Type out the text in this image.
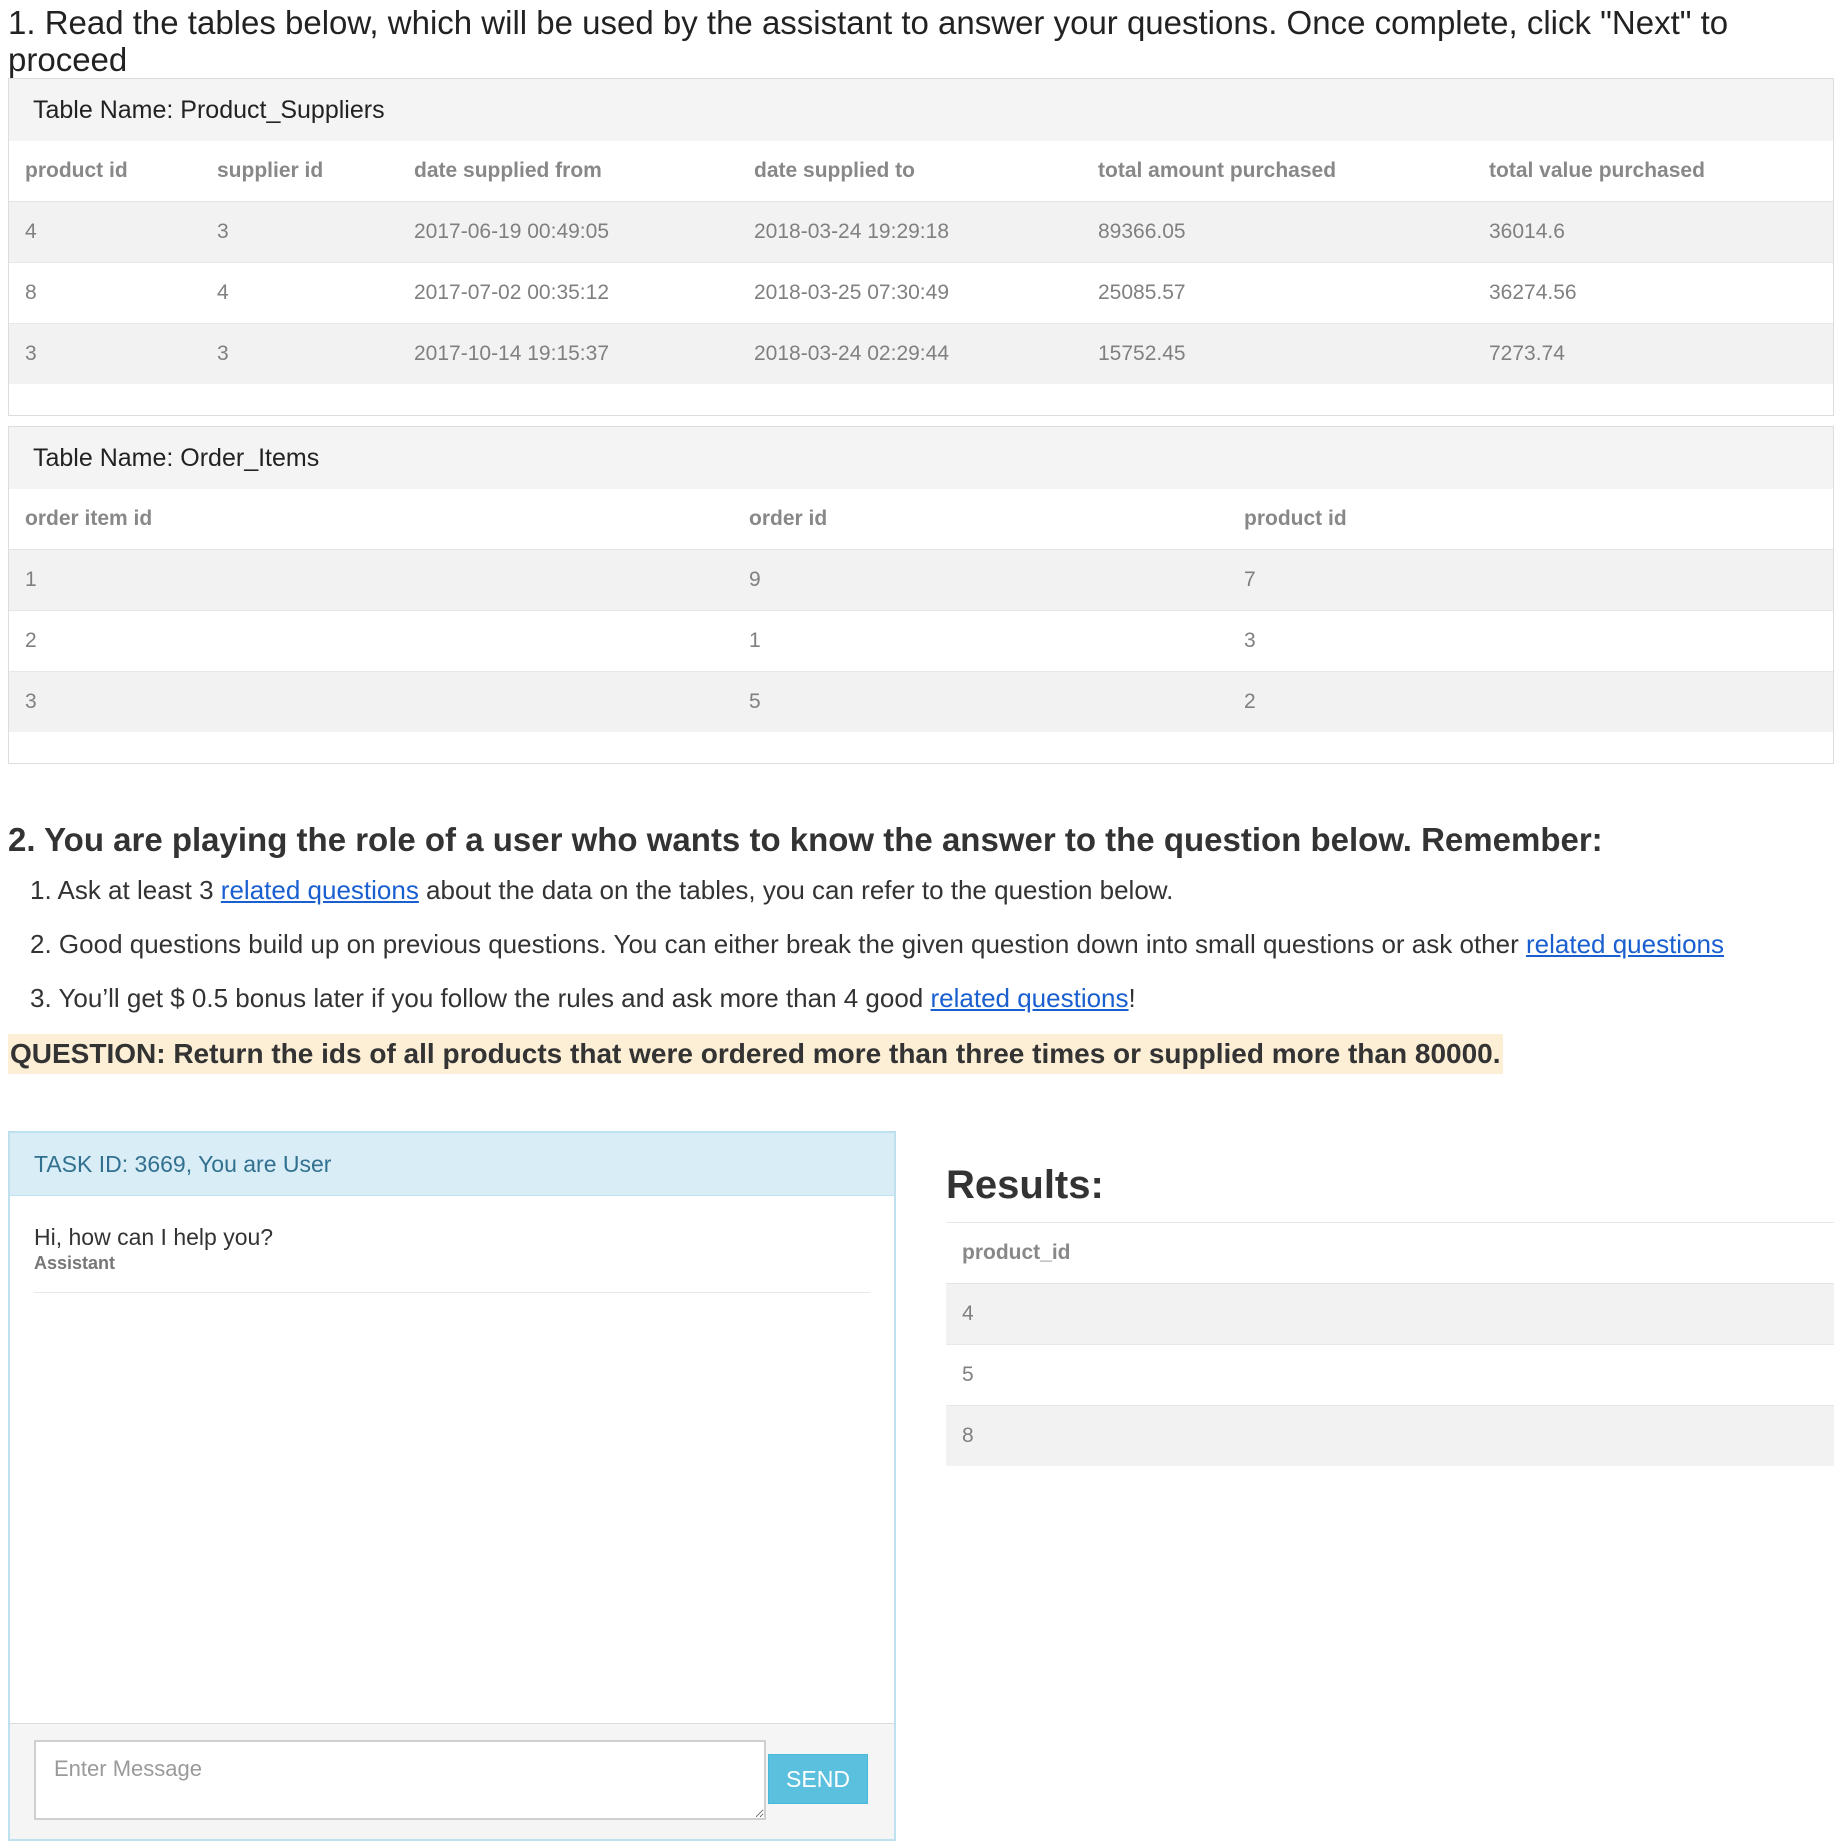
1. Read the tables below, which will be used by the assistant to answer your questions. Once complete, click "Next" to proceed
Table Name: Product_Suppliers
product id	supplier id	date supplied from	date supplied to	total amount purchased	total value purchased
4	3	2017-06-19 00:49:05	2018-03-24 19:29:18	89366.05	36014.6
8	4	2017-07-02 00:35:12	2018-03-25 07:30:49	25085.57	36274.56
3	3	2017-10-14 19:15:37	2018-03-24 02:29:44	15752.45	7273.74
Table Name: Order_Items
order item id	order id	product id
1	9	7
2	1	3
3	5	2
2. You are playing the role of a user who wants to know the answer to the question below. Remember:
1. Ask at least 3 related questions about the data on the tables, you can refer to the question below.
2. Good questions build up on previous questions. You can either break the given question down into small questions or ask other related questions
3. You’ll get $ 0.5 bonus later if you follow the rules and ask more than 4 good related questions!
QUESTION: Return the ids of all products that were ordered more than three times or supplied more than 80000.
TASK ID: 3669, You are User
Hi, how can I help you?
Assistant
Enter Message
SEND
Results:
product_id
4
5
8
